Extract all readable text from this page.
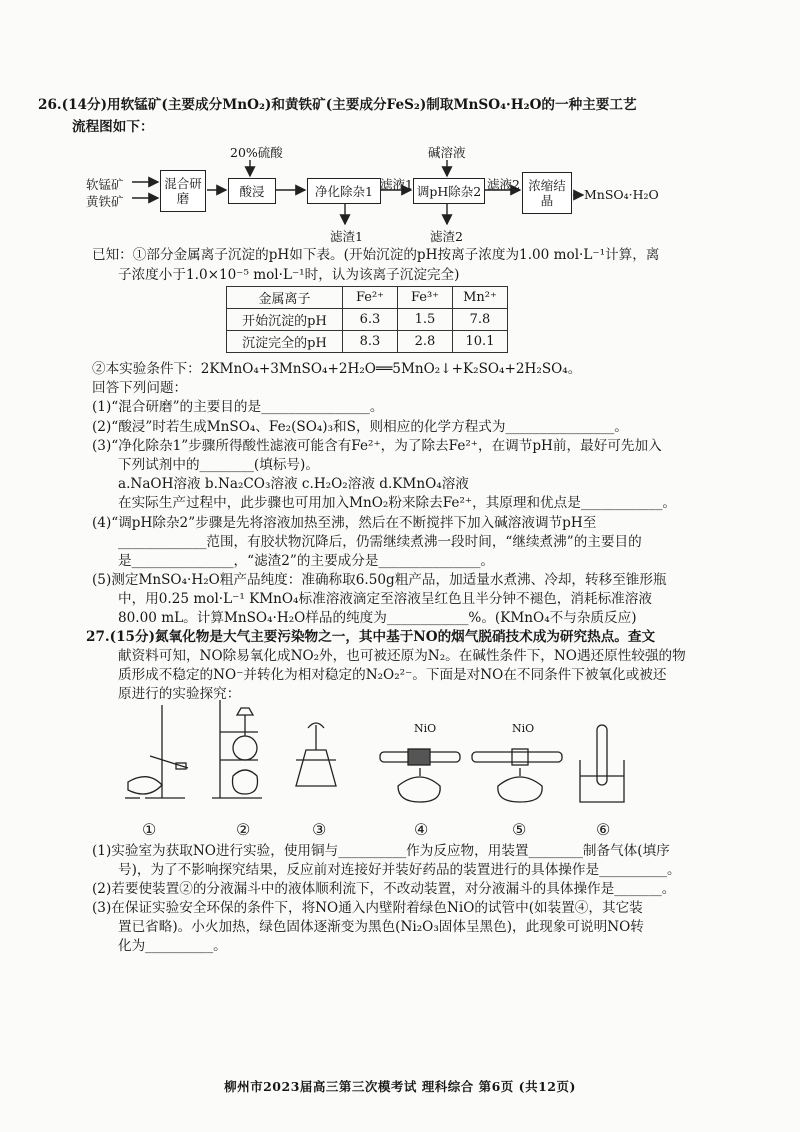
26.(14分)用软锰矿(主要成分MnO₂)和黄铁矿(主要成分FeS₂)制取MnSO₄·H₂O的一种主要工艺
流程图如下：
软锰矿
黄铁矿
混合研磨
20%硫酸
酸浸	净化除杂1 滤液1
滤渣1
碱溶液
调pH除杂2
滤渣2
滤液2 浓缩结晶	MnSO₄·H₂O
已知：①部分金属离子沉淀的pH如下表。(开始沉淀的pH按离子浓度为1.00 mol·L⁻¹计算，离
子浓度小于1.0×10⁻⁵ mol·L⁻¹时，认为该离子沉淀完全)
金属离子	Fe²⁺	Fe³⁺	Mn²⁺
开始沉淀的pH	6.3	1.5	7.8
沉淀完全的pH	8.3	2.8	10.1
②本实验条件下：2KMnO₄+3MnSO₄+2H₂O══5MnO₂↓+K₂SO₄+2H₂SO₄。
回答下列问题：
(1)“混合研磨”的主要目的是________________。
(2)“酸浸”时若生成MnSO₄、Fe₂(SO₄)₃和S，则相应的化学方程式为________________。
(3)“净化除杂1”步骤所得酸性滤液可能含有Fe²⁺，为了除去Fe²⁺，在调节pH前，最好可先加入
下列试剂中的________(填标号)。
a.NaOH溶液 b.Na₂CO₃溶液 c.H₂O₂溶液 d.KMnO₄溶液
在实际生产过程中，此步骤也可用加入MnO₂粉来除去Fe²⁺，其原理和优点是____________。
(4)“调pH除杂2”步骤是先将溶液加热至沸，然后在不断搅拌下加入碱溶液调节pH至
_____________范围，有胶状物沉降后，仍需继续煮沸一段时间，“继续煮沸”的主要目的
是_______________，“滤渣2”的主要成分是_______________。
(5)测定MnSO₄·H₂O粗产品纯度：准确称取6.50g粗产品，加适量水煮沸、冷却，转移至锥形瓶
中，用0.25 mol·L⁻¹ KMnO₄标准溶液滴定至溶液呈红色且半分钟不褪色，消耗标准溶液
80.00 mL。计算MnSO₄·H₂O样品的纯度为____________%。(KMnO₄不与杂质反应)
27.(15分)氮氧化物是大气主要污染物之一，其中基于NO的烟气脱硝技术成为研究热点。查文
献资料可知，NO除易氧化成NO₂外，也可被还原为N₂。在碱性条件下，NO遇还原性较强的物
质形成不稳定的NO⁻并转化为相对稳定的N₂O₂²⁻。下面是对NO在不同条件下被氧化或被还
原进行的实验探究：
NiO	NiO
①	②	③	④	⑤	⑥
(1)实验室为获取NO进行实验，使用铜与__________作为反应物，用装置________制备气体(填序
号)，为了不影响探究结果，反应前对连接好并装好药品的装置进行的具体操作是__________。
(2)若要使装置②的分液漏斗中的液体顺利流下，不改动装置，对分液漏斗的具体操作是_______。
(3)在保证实验安全环保的条件下，将NO通入内壁附着绿色NiO的试管中(如装置④，其它装
置已省略)。小火加热，绿色固体逐渐变为黑色(Ni₂O₃固体呈黑色)，此现象可说明NO转
化为__________。
柳州市2023届高三第三次模考试 理科综合 第6页 (共12页)
